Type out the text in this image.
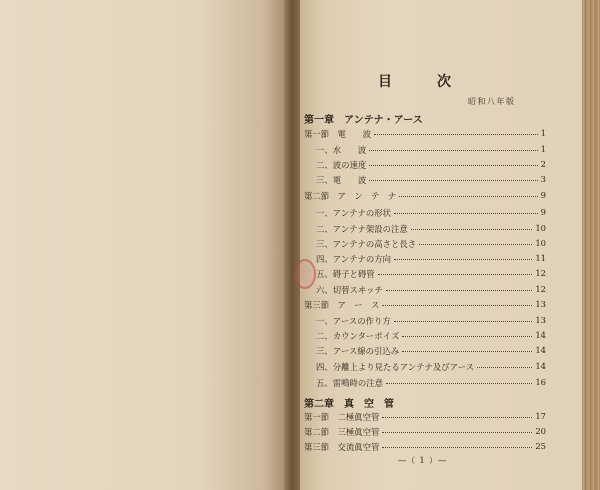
目	次
昭和八年版
第一章　アンテナ・アース
第一節　電　　波	1
一、水　　波	1
二、波の速度	2
三、電　　波	3
第二節　ア　ン　テ　ナ	9
一、アンテナの形状	9
二、アンテナ架設の注意	10
三、アンテナの高さと長さ	10
四、アンテナの方向	11
五、碍子と碍管	12
六、切替スヰッチ	12
第三節　ア　ー　ス	13
一、アースの作り方	13
二、カウンターポイズ	14
三、アース線の引込み	14
四、分離上より見たるアンテナ及びアース	14
五、雷鳴時の注意	16
第二章　真　空　管
第一節　二極眞空管	17
第二節　三極眞空管	20
第三節　交流眞空管	25
―（ 1 ）―
